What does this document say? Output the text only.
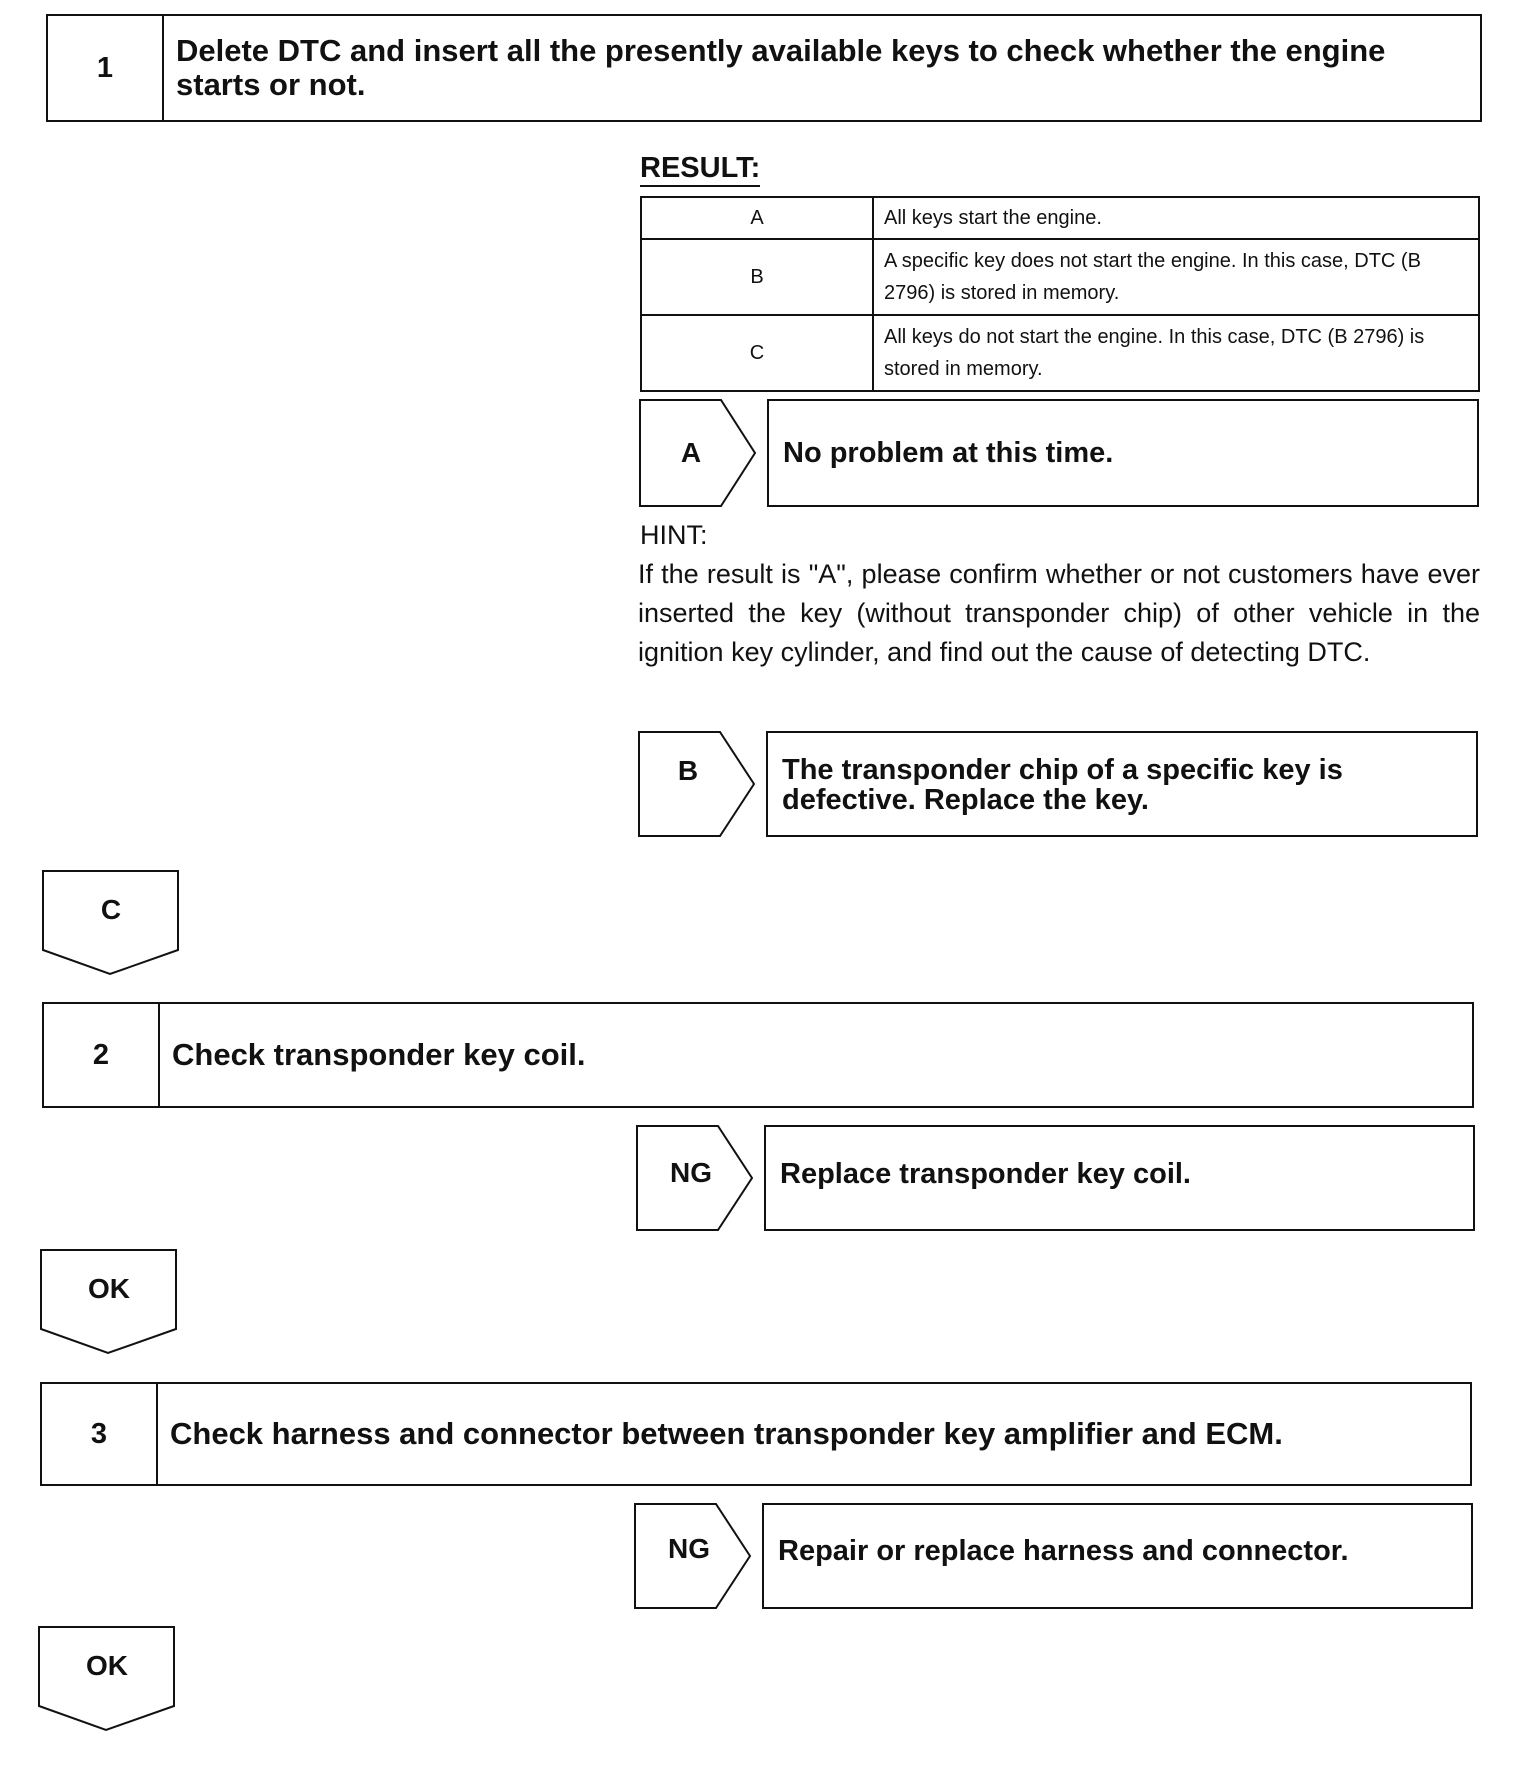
1	Delete DTC and insert all the presently available keys to check whether the engine starts or not.
RESULT:
A	All keys start the engine.
B	A specific key does not start the engine. In this case, DTC (B 2796) is stored in memory.
C	All keys do not start the engine. In this case, DTC (B 2796) is stored in memory.
A	No problem at this time.
HINT:
If the result is "A", please confirm whether or not customers have ever inserted the key (without transponder chip) of other vehicle in the ignition key cylinder, and find out the cause of detecting DTC.
B	The transponder chip of a specific key is defective. Replace the key.
C
2	Check transponder key coil.
NG	Replace transponder key coil.
OK
3	Check harness and connector between transponder key amplifier and ECM.
NG	Repair or replace harness and connector.
OK
